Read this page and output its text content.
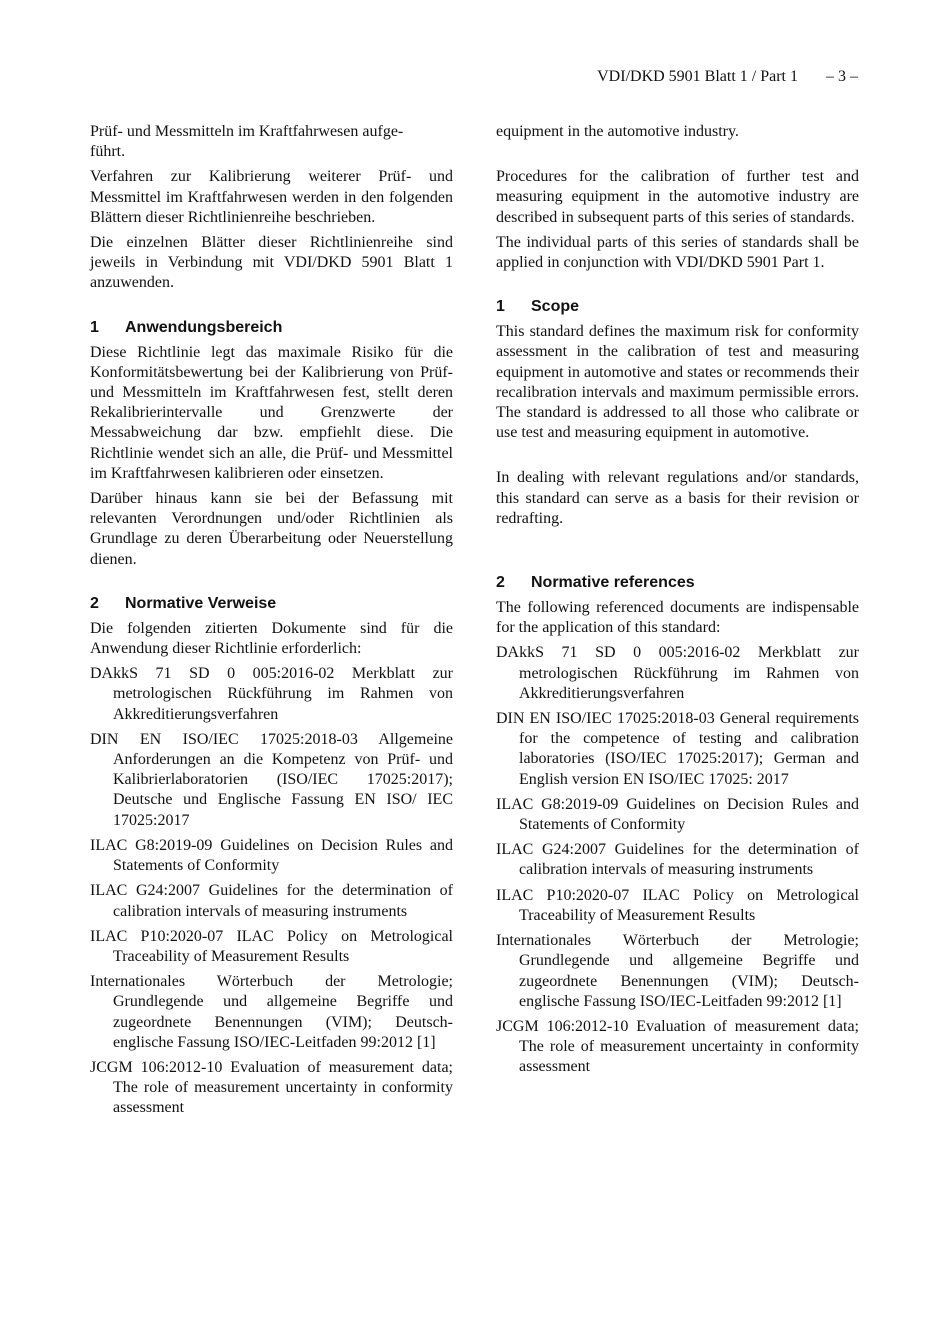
VDI/DKD 5901 Blatt 1 / Part 1 – 3 –

Prüf- und Messmitteln im Kraftfahrwesen aufge-
führt.

Verfahren zur Kalibrierung weiterer Prüf- und Messmittel im Kraftfahrwesen werden in den folgenden Blättern dieser Richtlinienreihe beschrieben.

Die einzelnen Blätter dieser Richtlinienreihe sind jeweils in Verbindung mit VDI/DKD 5901 Blatt 1 anzuwenden.

1 Anwendungsbereich

Diese Richtlinie legt das maximale Risiko für die Konformitätsbewertung bei der Kalibrierung von Prüf- und Messmitteln im Kraftfahrwesen fest, stellt deren Rekalibrierintervalle und Grenzwerte der Messabweichung dar bzw. empfiehlt diese. Die Richtlinie wendet sich an alle, die Prüf- und Messmittel im Kraftfahrwesen kalibrieren oder einsetzen.

Darüber hinaus kann sie bei der Befassung mit relevanten Verordnungen und/oder Richtlinien als Grundlage zu deren Überarbeitung oder Neuerstellung dienen.

2 Normative Verweise

Die folgenden zitierten Dokumente sind für die Anwendung dieser Richtlinie erforderlich:

DAkkS 71 SD 0 005:2016-02 Merkblatt zur metrologischen Rückführung im Rahmen von Akkreditierungsverfahren

DIN EN ISO/IEC 17025:2018-03 Allgemeine Anforderungen an die Kompetenz von Prüf- und Kalibrierlaboratorien (ISO/IEC 17025:2017); Deutsche und Englische Fassung EN ISO/ IEC 17025:2017

ILAC G8:2019-09 Guidelines on Decision Rules and Statements of Conformity

ILAC G24:2007 Guidelines for the determination of calibration intervals of measuring instruments

ILAC P10:2020-07 ILAC Policy on Metrological Traceability of Measurement Results

Internationales Wörterbuch der Metrologie; Grundlegende und allgemeine Begriffe und zugeordnete Benennungen (VIM); Deutsch-englische Fassung ISO/IEC-Leitfaden 99:2012 [1]

JCGM 106:2012-10 Evaluation of measurement data; The role of measurement uncertainty in conformity assessment

equipment in the automotive industry.

Procedures for the calibration of further test and measuring equipment in the automotive industry are described in subsequent parts of this series of standards.

The individual parts of this series of standards shall be applied in conjunction with VDI/DKD 5901 Part 1.

1 Scope

This standard defines the maximum risk for conformity assessment in the calibration of test and measuring equipment in automotive and states or recommends their recalibration intervals and maximum permissible errors. The standard is addressed to all those who calibrate or use test and measuring equipment in automotive.

In dealing with relevant regulations and/or standards, this standard can serve as a basis for their revision or redrafting.

2 Normative references

The following referenced documents are indispensable for the application of this standard:

DAkkS 71 SD 0 005:2016-02 Merkblatt zur metrologischen Rückführung im Rahmen von Akkreditierungsverfahren

DIN EN ISO/IEC 17025:2018-03 General requirements for the competence of testing and calibration laboratories (ISO/IEC 17025:2017); German and English version EN ISO/IEC 17025: 2017

ILAC G8:2019-09 Guidelines on Decision Rules and Statements of Conformity

ILAC G24:2007 Guidelines for the determination of calibration intervals of measuring instruments

ILAC P10:2020-07 ILAC Policy on Metrological Traceability of Measurement Results

Internationales Wörterbuch der Metrologie; Grundlegende und allgemeine Begriffe und zugeordnete Benennungen (VIM); Deutsch-englische Fassung ISO/IEC-Leitfaden 99:2012 [1]

JCGM 106:2012-10 Evaluation of measurement data; The role of measurement uncertainty in conformity assessment
